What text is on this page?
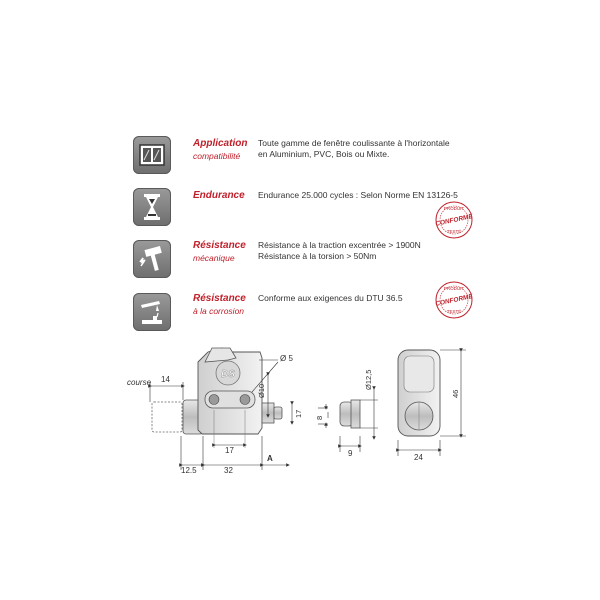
Application
compatibilité
Toute gamme de fenêtre coulissante à l'horizontale
en Aluminium, PVC, Bois ou Mixte.
Endurance Endurance 25.000 cycles : Selon Norme EN 13126-5
Résistance
mécanique
Résistance à la traction excentrée > 1900N
Résistance à la torsion > 50Nm
Résistance
à la corrosion
Conforme aux exigences du DTU 36.5
PRODUIT
CONFORME
TESTÉ
PRODUIT
CONFORME
TESTÉ
DS
course 14
Ø 5
Ø10
17 8
17
12.5	32
A
Ø12,5
9
46
24
